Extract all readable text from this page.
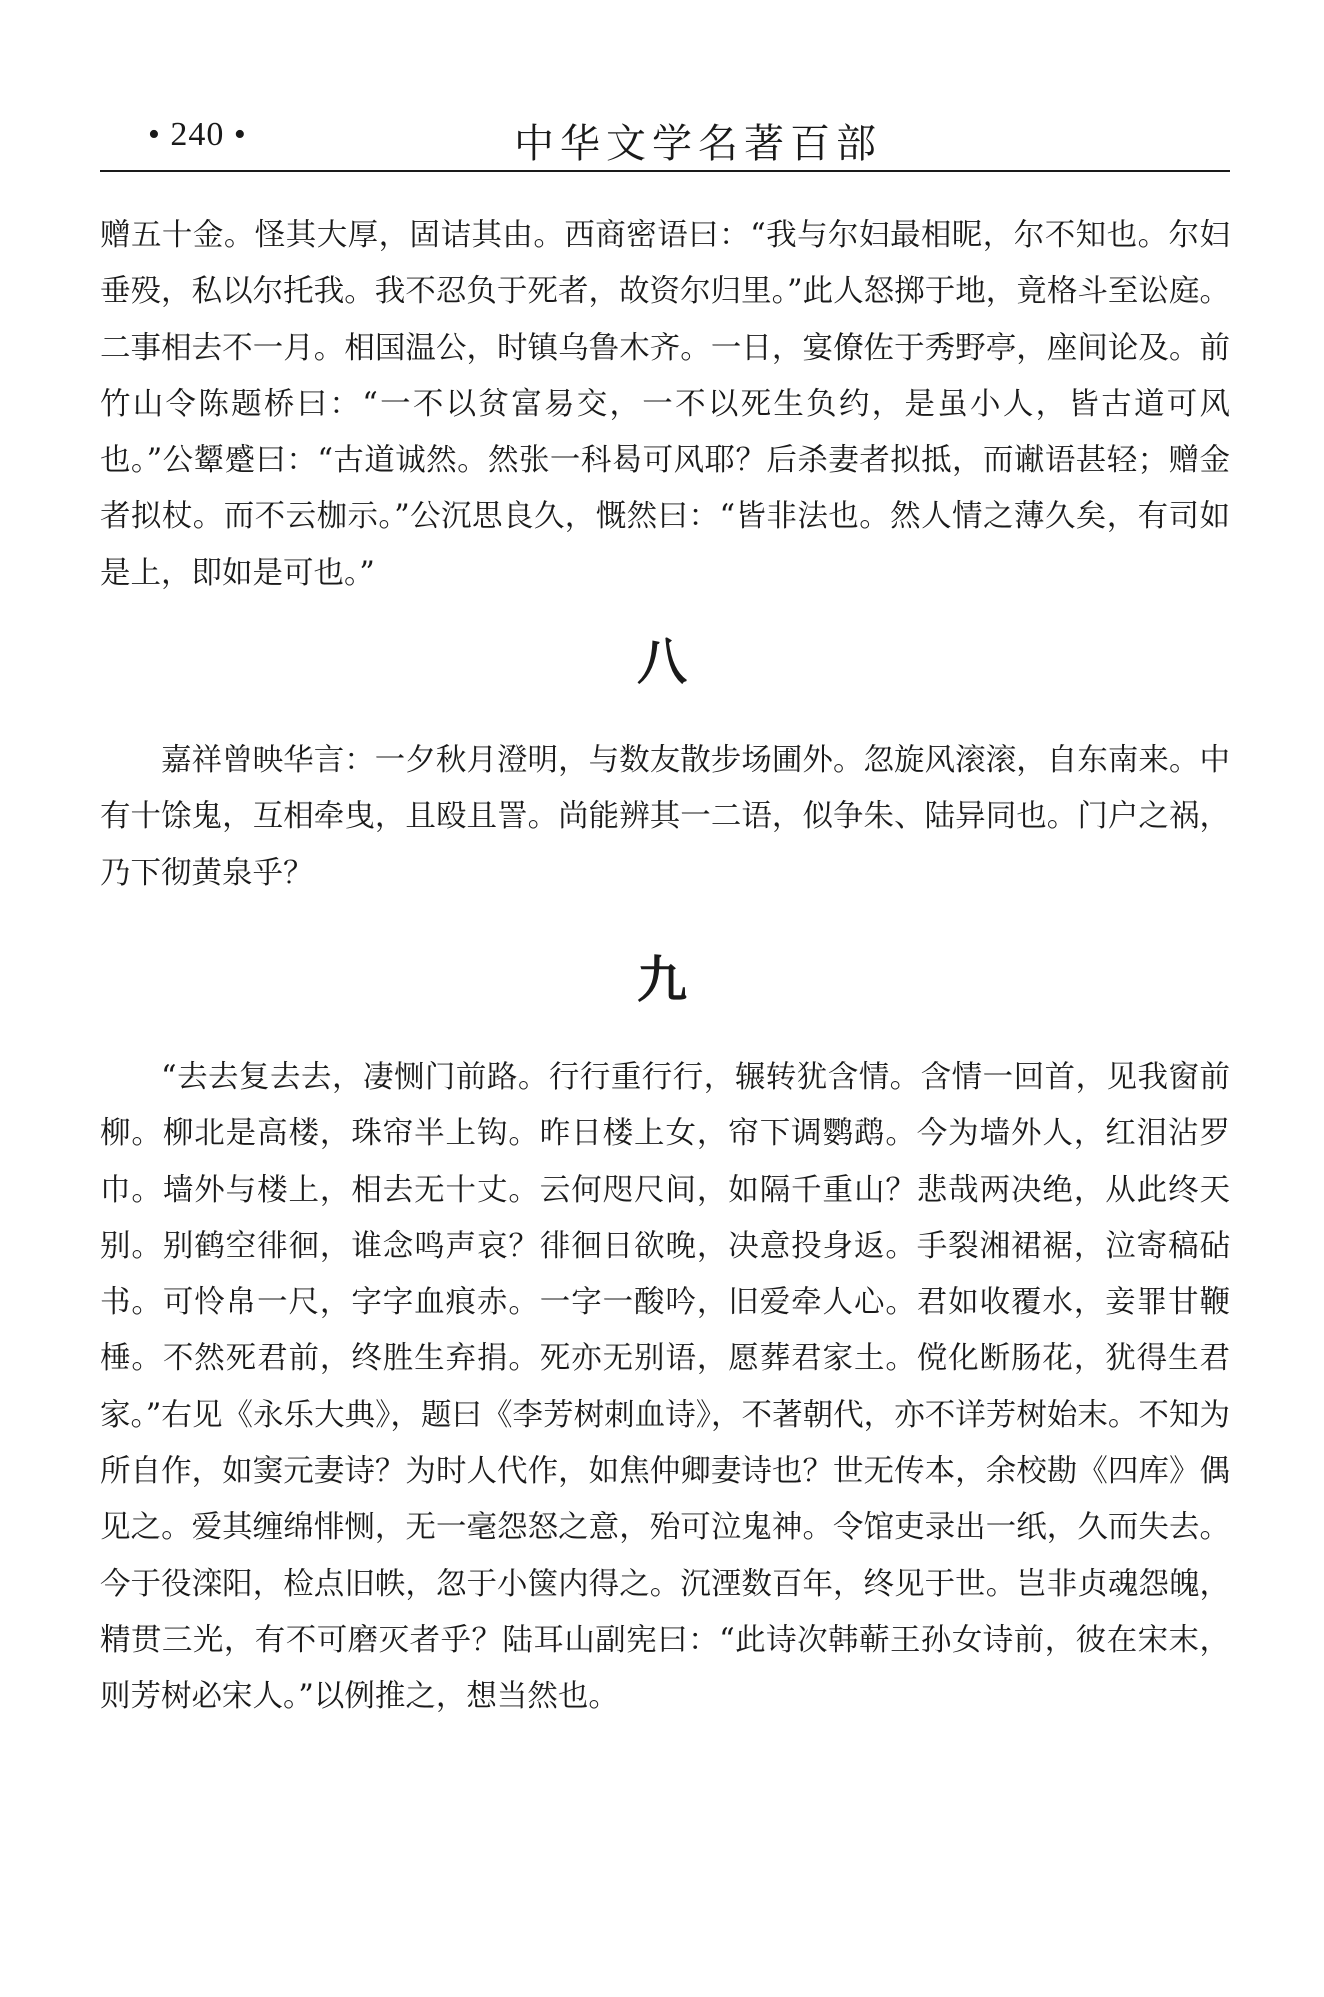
• 240 •	中华文学名著百部

赠五十金。怪其大厚，固诘其由。西商密语曰：“我与尔妇最相昵，尔不知也。尔妇垂殁，私以尔托我。我不忍负于死者，故资尔归里。”此人怒掷于地，竟格斗至讼庭。二事相去不一月。相国温公，时镇乌鲁木齐。一日，宴僚佐于秀野亭，座间论及。前竹山令陈题桥曰：“一不以贫富易交，一不以死生负约，是虽小人，皆古道可风也。”公颦蹙曰：“古道诚然。然张一科曷可风耶？后杀妻者拟抵，而谳语甚轻；赠金者拟杖。而不云枷示。”公沉思良久，慨然曰：“皆非法也。然人情之薄久矣，有司如是上，即如是可也。”

八

嘉祥曾映华言：一夕秋月澄明，与数友散步场圃外。忽旋风滚滚，自东南来。中有十馀鬼，互相牵曳，且殴且詈。尚能辨其一二语，似争朱、陆异同也。门户之祸，乃下彻黄泉乎？

九

“去去复去去，凄恻门前路。行行重行行，辗转犹含情。含情一回首，见我窗前柳。柳北是高楼，珠帘半上钩。昨日楼上女，帘下调鹦鹉。今为墙外人，红泪沾罗巾。墙外与楼上，相去无十丈。云何咫尺间，如隔千重山？悲哉两决绝，从此终天别。别鹤空徘徊，谁念鸣声哀？徘徊日欲晚，决意投身返。手裂湘裙裾，泣寄稿砧书。可怜帛一尺，字字血痕赤。一字一酸吟，旧爱牵人心。君如收覆水，妾罪甘鞭棰。不然死君前，终胜生弃捐。死亦无别语，愿葬君家土。傥化断肠花，犹得生君家。”右见《永乐大典》，题曰《李芳树刺血诗》，不著朝代，亦不详芳树始末。不知为所自作，如窦元妻诗？为时人代作，如焦仲卿妻诗也？世无传本，余校勘《四库》偶见之。爱其缠绵悱恻，无一毫怨怒之意，殆可泣鬼神。令馆吏录出一纸，久而失去。今于役滦阳，检点旧帙，忽于小箧内得之。沉湮数百年，终见于世。岂非贞魂怨魄，精贯三光，有不可磨灭者乎？陆耳山副宪曰：“此诗次韩蕲王孙女诗前，彼在宋末，则芳树必宋人。”以例推之，想当然也。
